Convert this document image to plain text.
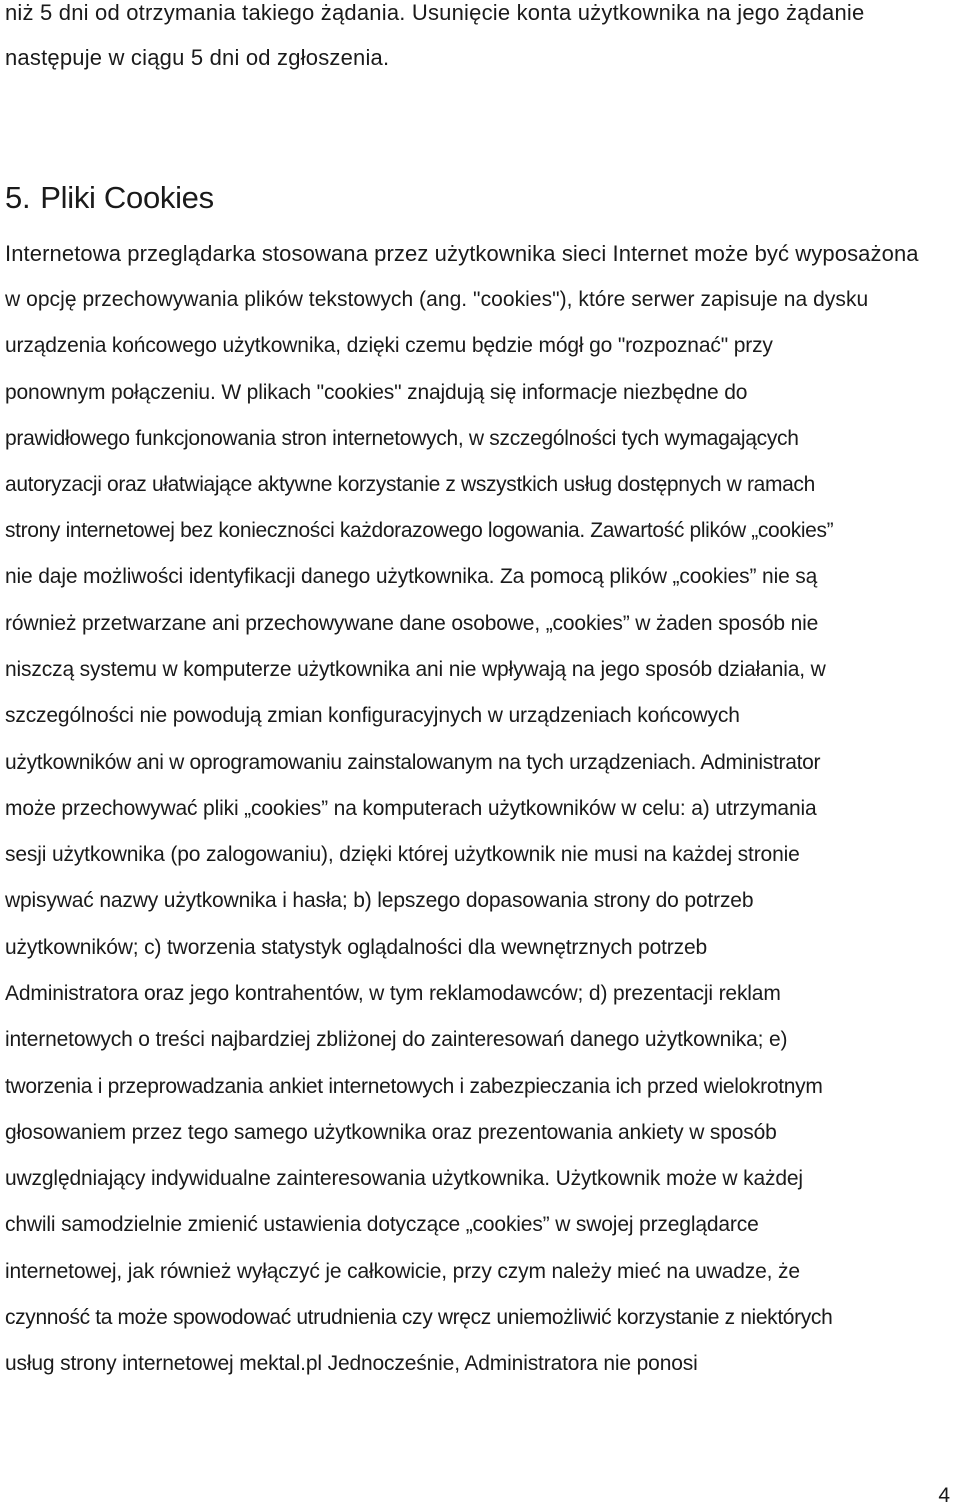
niż 5 dni od otrzymania takiego żądania. Usunięcie konta użytkownika na jego żądanie
następuje w ciągu 5 dni od zgłoszenia.
5. Pliki Cookies
Internetowa przeglądarka stosowana przez użytkownika sieci Internet może być wyposażona
w opcję przechowywania plików tekstowych (ang. "cookies"), które serwer zapisuje na dysku
urządzenia końcowego użytkownika, dzięki czemu będzie mógł go "rozpoznać" przy
ponownym połączeniu. W plikach "cookies" znajdują się informacje niezbędne do
prawidłowego funkcjonowania stron internetowych, w szczególności tych wymagających
autoryzacji oraz ułatwiające aktywne korzystanie z wszystkich usług dostępnych w ramach
strony internetowej bez konieczności każdorazowego logowania. Zawartość plików „cookies”
nie daje możliwości identyfikacji danego użytkownika. Za pomocą plików „cookies” nie są
również przetwarzane ani przechowywane dane osobowe, „cookies” w żaden sposób nie
niszczą systemu w komputerze użytkownika ani nie wpływają na jego sposób działania, w
szczególności nie powodują zmian konfiguracyjnych w urządzeniach końcowych
użytkowników ani w oprogramowaniu zainstalowanym na tych urządzeniach. Administrator
może przechowywać pliki „cookies” na komputerach użytkowników w celu: a) utrzymania
sesji użytkownika (po zalogowaniu), dzięki której użytkownik nie musi na każdej stronie
wpisywać nazwy użytkownika i hasła; b) lepszego dopasowania strony do potrzeb
użytkowników; c) tworzenia statystyk oglądalności dla wewnętrznych potrzeb
Administratora oraz jego kontrahentów, w tym reklamodawców; d) prezentacji reklam
internetowych o treści najbardziej zbliżonej do zainteresowań danego użytkownika; e)
tworzenia i przeprowadzania ankiet internetowych i zabezpieczania ich przed wielokrotnym
głosowaniem przez tego samego użytkownika oraz prezentowania ankiety w sposób
uwzględniający indywidualne zainteresowania użytkownika. Użytkownik może w każdej
chwili samodzielnie zmienić ustawienia dotyczące „cookies” w swojej przeglądarce
internetowej, jak również wyłączyć je całkowicie, przy czym należy mieć na uwadze, że
czynność ta może spowodować utrudnienia czy wręcz uniemożliwić korzystanie z niektórych
usług strony internetowej mektal.pl Jednocześnie, Administratora nie ponosi
4
